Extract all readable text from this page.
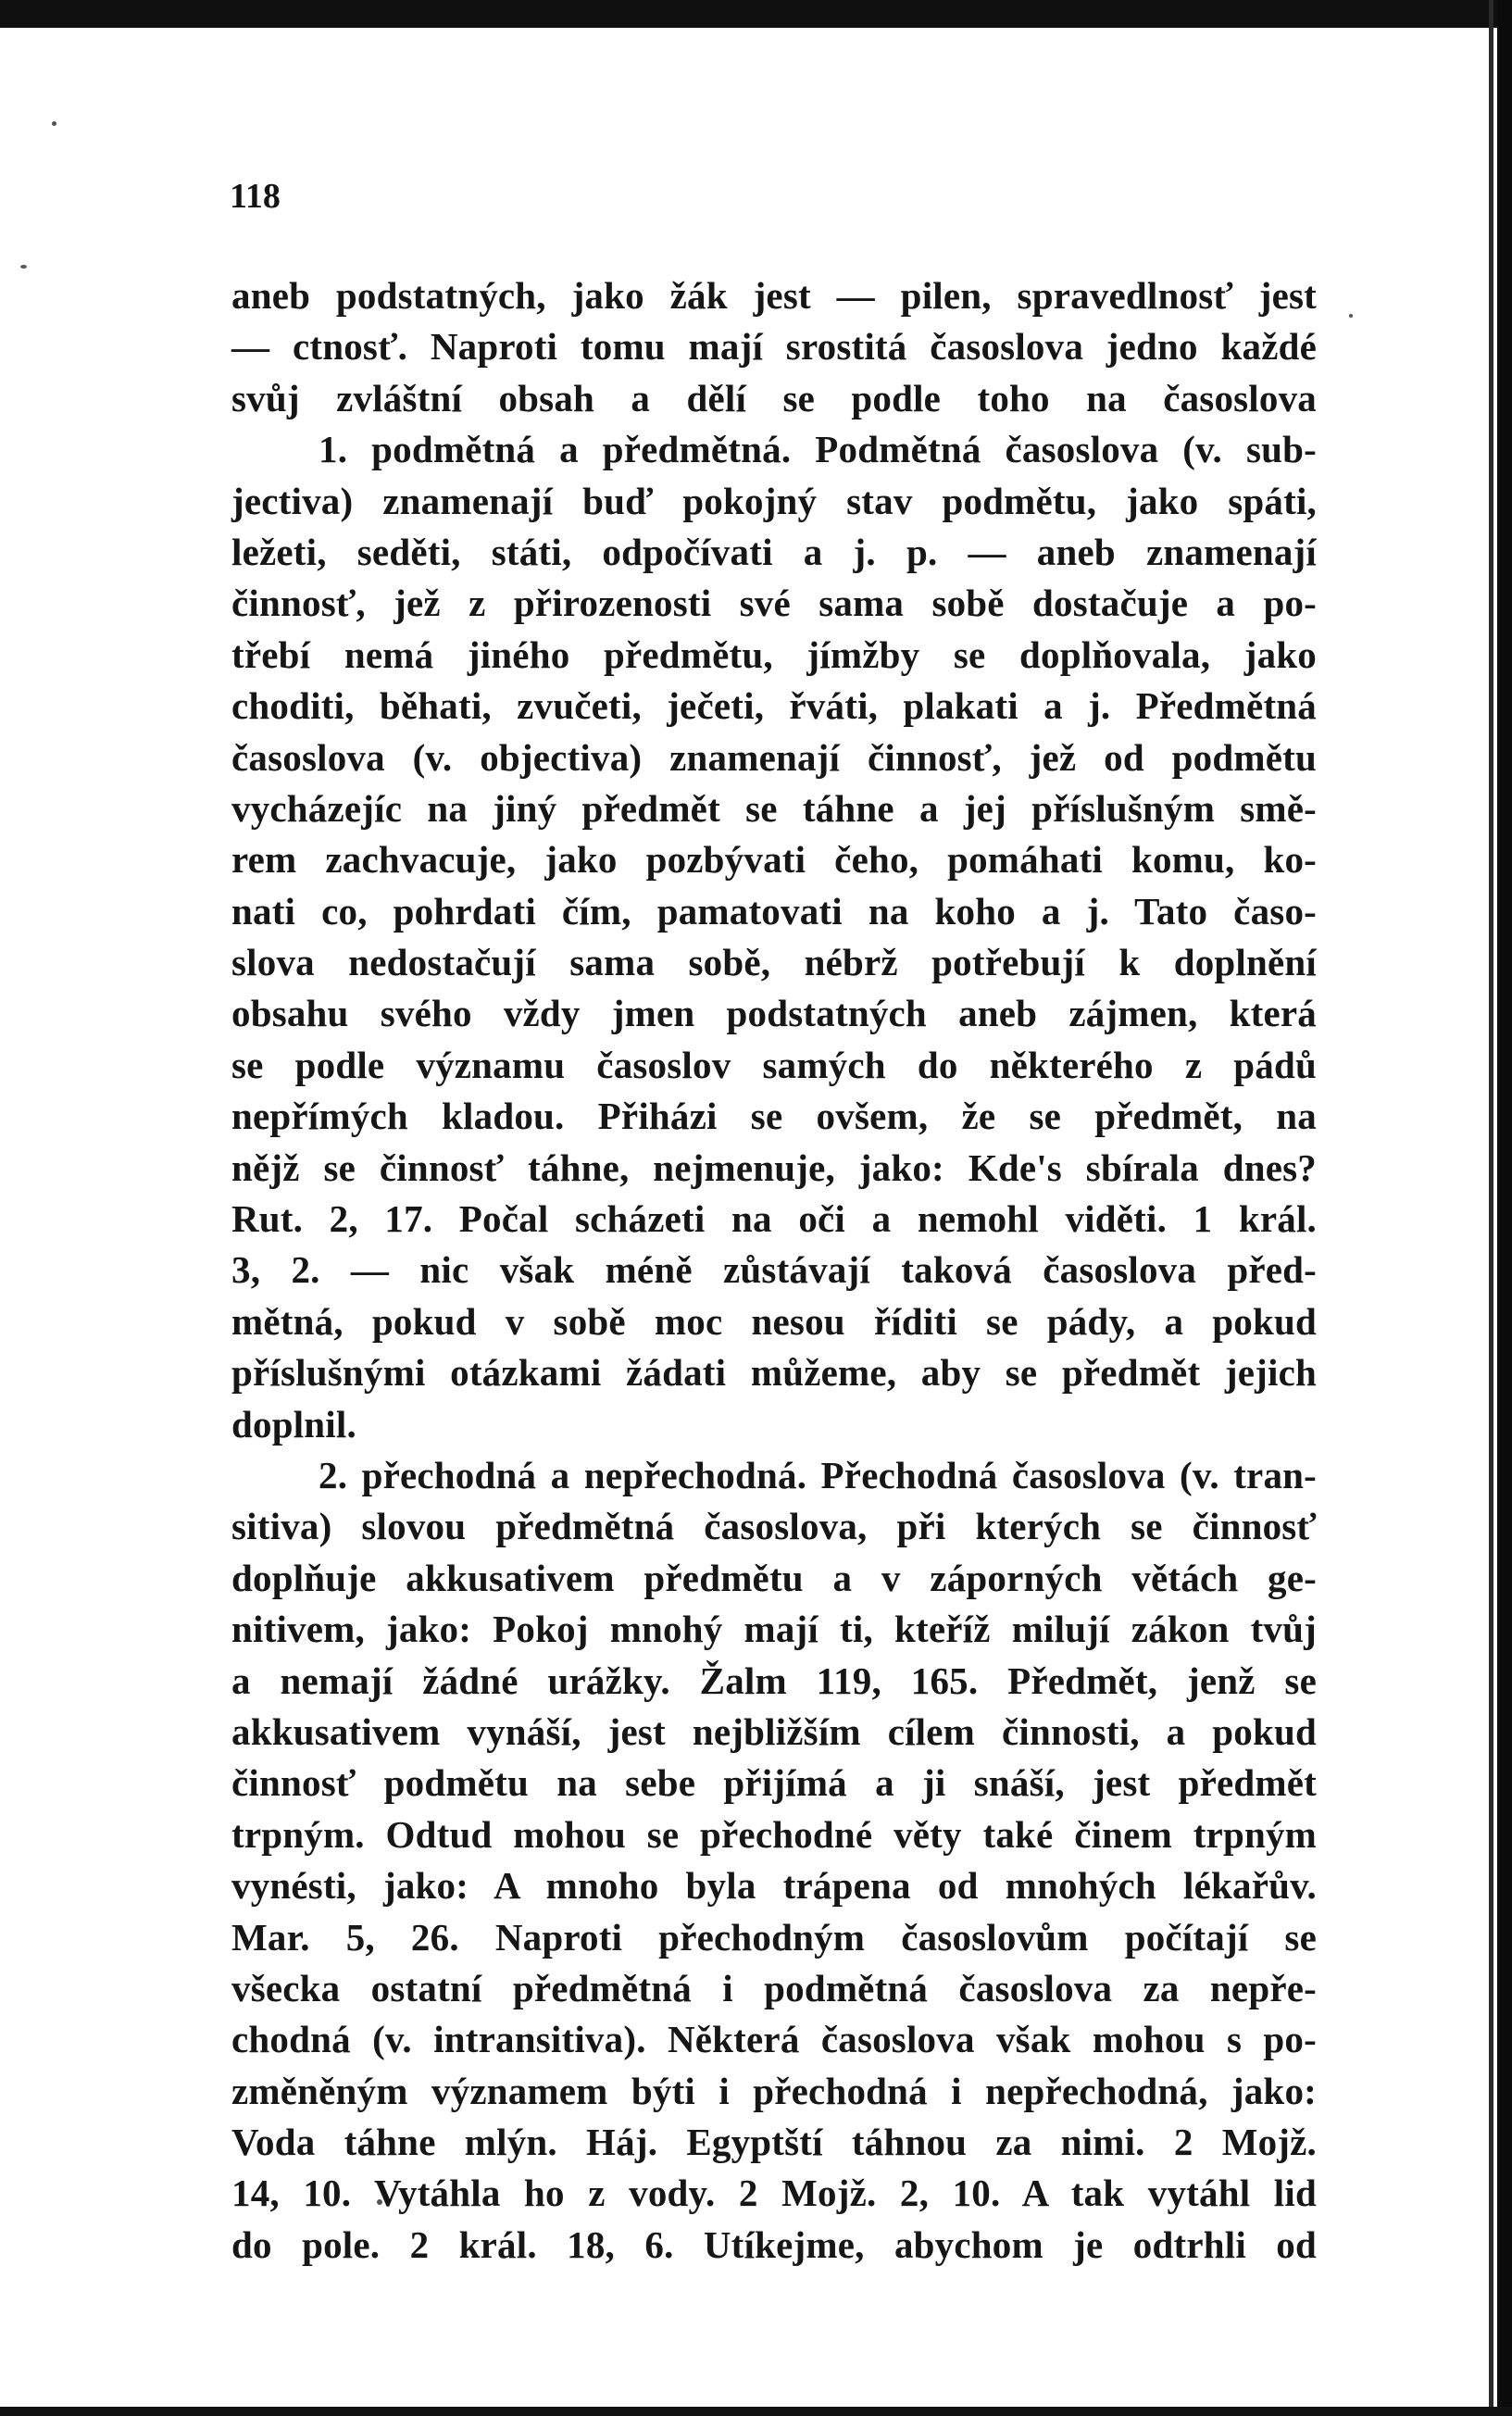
118
aneb podstatných, jako žák jest — pilen, spravedlnosť jest
— ctnosť. Naproti tomu mají srostitá časoslova jedno každé
svůj zvláštní obsah a dělí se podle toho na časoslova
1. podmětná a předmětná. Podmětná časoslova (v. sub-
jectiva) znamenají buď pokojný stav podmětu, jako spáti,
ležeti, seděti, státi, odpočívati a j. p. — aneb znamenají
činnosť, jež z přirozenosti své sama sobě dostačuje a po-
třebí nemá jiného předmětu, jímžby se doplňovala, jako
choditi, běhati, zvučeti, ječeti, řváti, plakati a j. Předmětná
časoslova (v. objectiva) znamenají činnosť, jež od podmětu
vycházejíc na jiný předmět se táhne a jej příslušným smě-
rem zachvacuje, jako pozbývati čeho, pomáhati komu, ko-
nati co, pohrdati čím, pamatovati na koho a j. Tato časo-
slova nedostačují sama sobě, nébrž potřebují k doplnění
obsahu svého vždy jmen podstatných aneb zájmen, která
se podle významu časoslov samých do některého z pádů
nepřímých kladou. Přiházi se ovšem, že se předmět, na
nějž se činnosť táhne, nejmenuje, jako: Kde's sbírala dnes?
Rut. 2, 17. Počal scházeti na oči a nemohl viděti. 1 král.
3, 2. — nic však méně zůstávají taková časoslova před-
mětná, pokud v sobě moc nesou říditi se pády, a pokud
příslušnými otázkami žádati můžeme, aby se předmět jejich
doplnil.
2. přechodná a nepřechodná. Přechodná časoslova (v. tran-
sitiva) slovou předmětná časoslova, při kterých se činnosť
doplňuje akkusativem předmětu a v záporných větách ge-
nitivem, jako: Pokoj mnohý mají ti, kteříž milují zákon tvůj
a nemají žádné urážky. Žalm 119, 165. Předmět, jenž se
akkusativem vynáší, jest nejbližším cílem činnosti, a pokud
činnosť podmětu na sebe přijímá a ji snáší, jest předmět
trpným. Odtud mohou se přechodné věty také činem trpným
vynésti, jako: A mnoho byla trápena od mnohých lékařův.
Mar. 5, 26. Naproti přechodným časoslovům počítají se
všecka ostatní předmětná i podmětná časoslova za nepře-
chodná (v. intransitiva). Některá časoslova však mohou s po-
změněným významem býti i přechodná i nepřechodná, jako:
Voda táhne mlýn. Háj. Egyptští táhnou za nimi. 2 Mojž.
14, 10. Vytáhla ho z vody. 2 Mojž. 2, 10. A tak vytáhl lid
do pole. 2 král. 18, 6. Utíkejme, abychom je odtrhli od
